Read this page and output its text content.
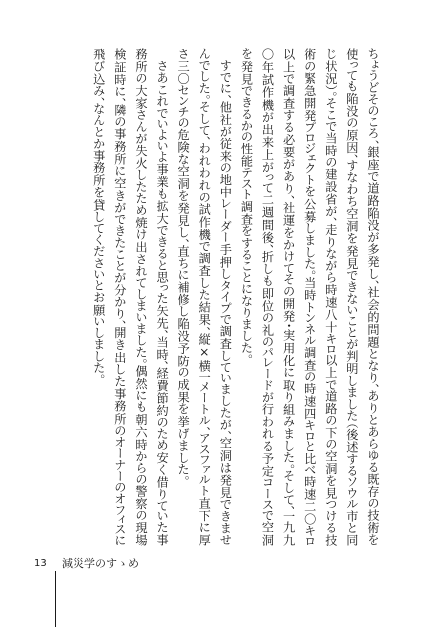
ちょうどそのころ、銀座で道路陥没が多発し、社会的問題となり、ありとあらゆる既存の技術を使っても陥没の原因、すなわち空洞を発見できないことが判明しました（後述するソウル市と同じ状況）。そこで当時の建設省が、走りながら時速八十キロ以上で道路の下の空洞を見つける技術の緊急開発プロジェクトを公募しました。当時トンネル調査の時速四キロと比べ時速二〇キロ以上で調査する必要があり、社運をかけてその開発・実用化に取り組みました。そして、一九九〇年試作機が出来上がって二週間後、折しも即位の礼のパレードが行われる予定コースで空洞を発見できるかの性能テスト調査をすることになりました。

すでに、他社が従来の地中レーダー手押しタイプで調査していましたが、空洞は発見できませんでした。そして、われわれの試作機で調査した結果、縦×横一メートル、アスファルト直下に厚さ三〇センチの危険な空洞を発見し、直ちに補修し陥没予防の成果を挙げました。

さあこれでいよいよ事業も拡大できると思った矢先、当時、経費節約のため安く借りていた事務所の大家さんが失火したため焼け出されてしまいました。偶然にも朝六時からの警察の現場検証時に、隣の事務所に空きができたことが分かり、開き出した事務所のオーナーのオフィスに飛び込み、なんとか事務所を貸してくださいとお願いしました。

13 減災学のすゝめ
